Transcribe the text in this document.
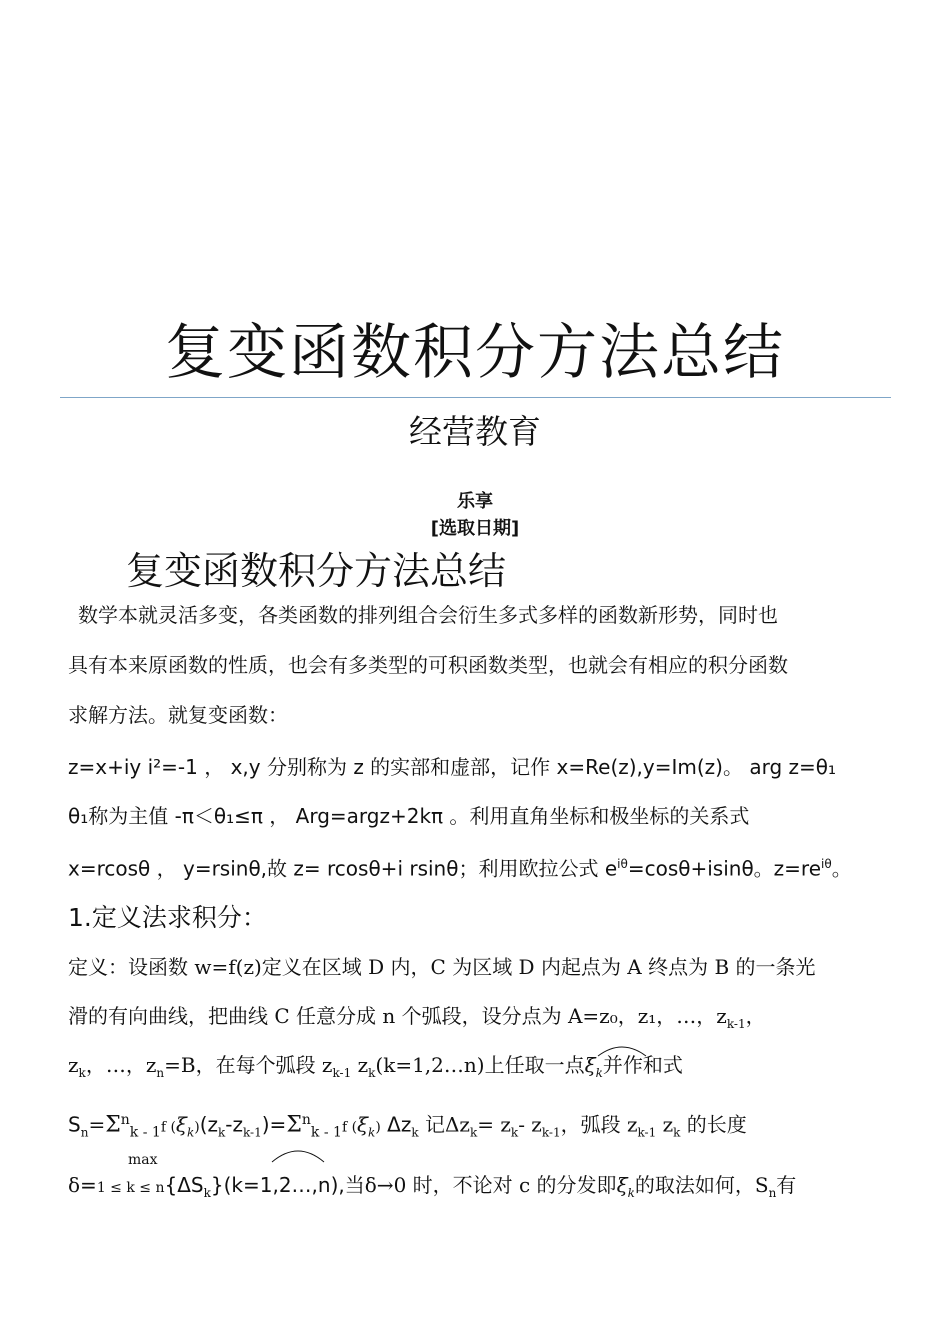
复变函数积分方法总结
经营教育
乐享
[选取日期]
复变函数积分方法总结
数学本就灵活多变，各类函数的排列组合会衍生多式多样的函数新形势，同时也
具有本来原函数的性质，也会有多类型的可积函数类型，也就会有相应的积分函数
求解方法。就复变函数：
z=x+iy i²=-1 ， x,y 分别称为 z 的实部和虚部，记作 x=Re(z),y=Im(z)。 arg z=θ₁
θ₁称为主值 -π＜θ₁≤π ， Arg=argz+2kπ 。利用直角坐标和极坐标的关系式
x=rcosθ ， y=rsinθ,故 z= rcosθ+i rsinθ；利用欧拉公式 $e^{i\theta}=\cos\theta+isin\theta$。$z=re^{i\theta}$。
1.定义法求积分：
定义：设函数 w=f(z)定义在区域 D 内，C 为区域 D 内起点为 A 终点为 B 的一条光
滑的有向曲线，把曲线 C 任意分成 n 个弧段，设分点为 A=z₀，z₁，…，$z_{k-1}$，
$z_k$，…，$z_n=B$，在每个弧段 $z_{k-1}$ $z_k(k=1,2\dots n)$上任取一点$\xi_k$并作和式
$S_n=\Sigma^n_{k - 1}f$ $(\xi_k)(z_k-z_{k-1})=\Sigma^n_{k - 1}f$ $(\xi_k)$ $\Delta z_k$ 记$\Delta z_k= z_k-$ $z_{k-1}$，弧段 $z_{k-1}$ $z_k$ 的长度
max
$\delta=1 \le k \le n\{\Delta S_k\}(k=1,2\dots,n)$,当δ→0 时，不论对 c 的分发即$\xi_k$的取法如何，$S_n$有
